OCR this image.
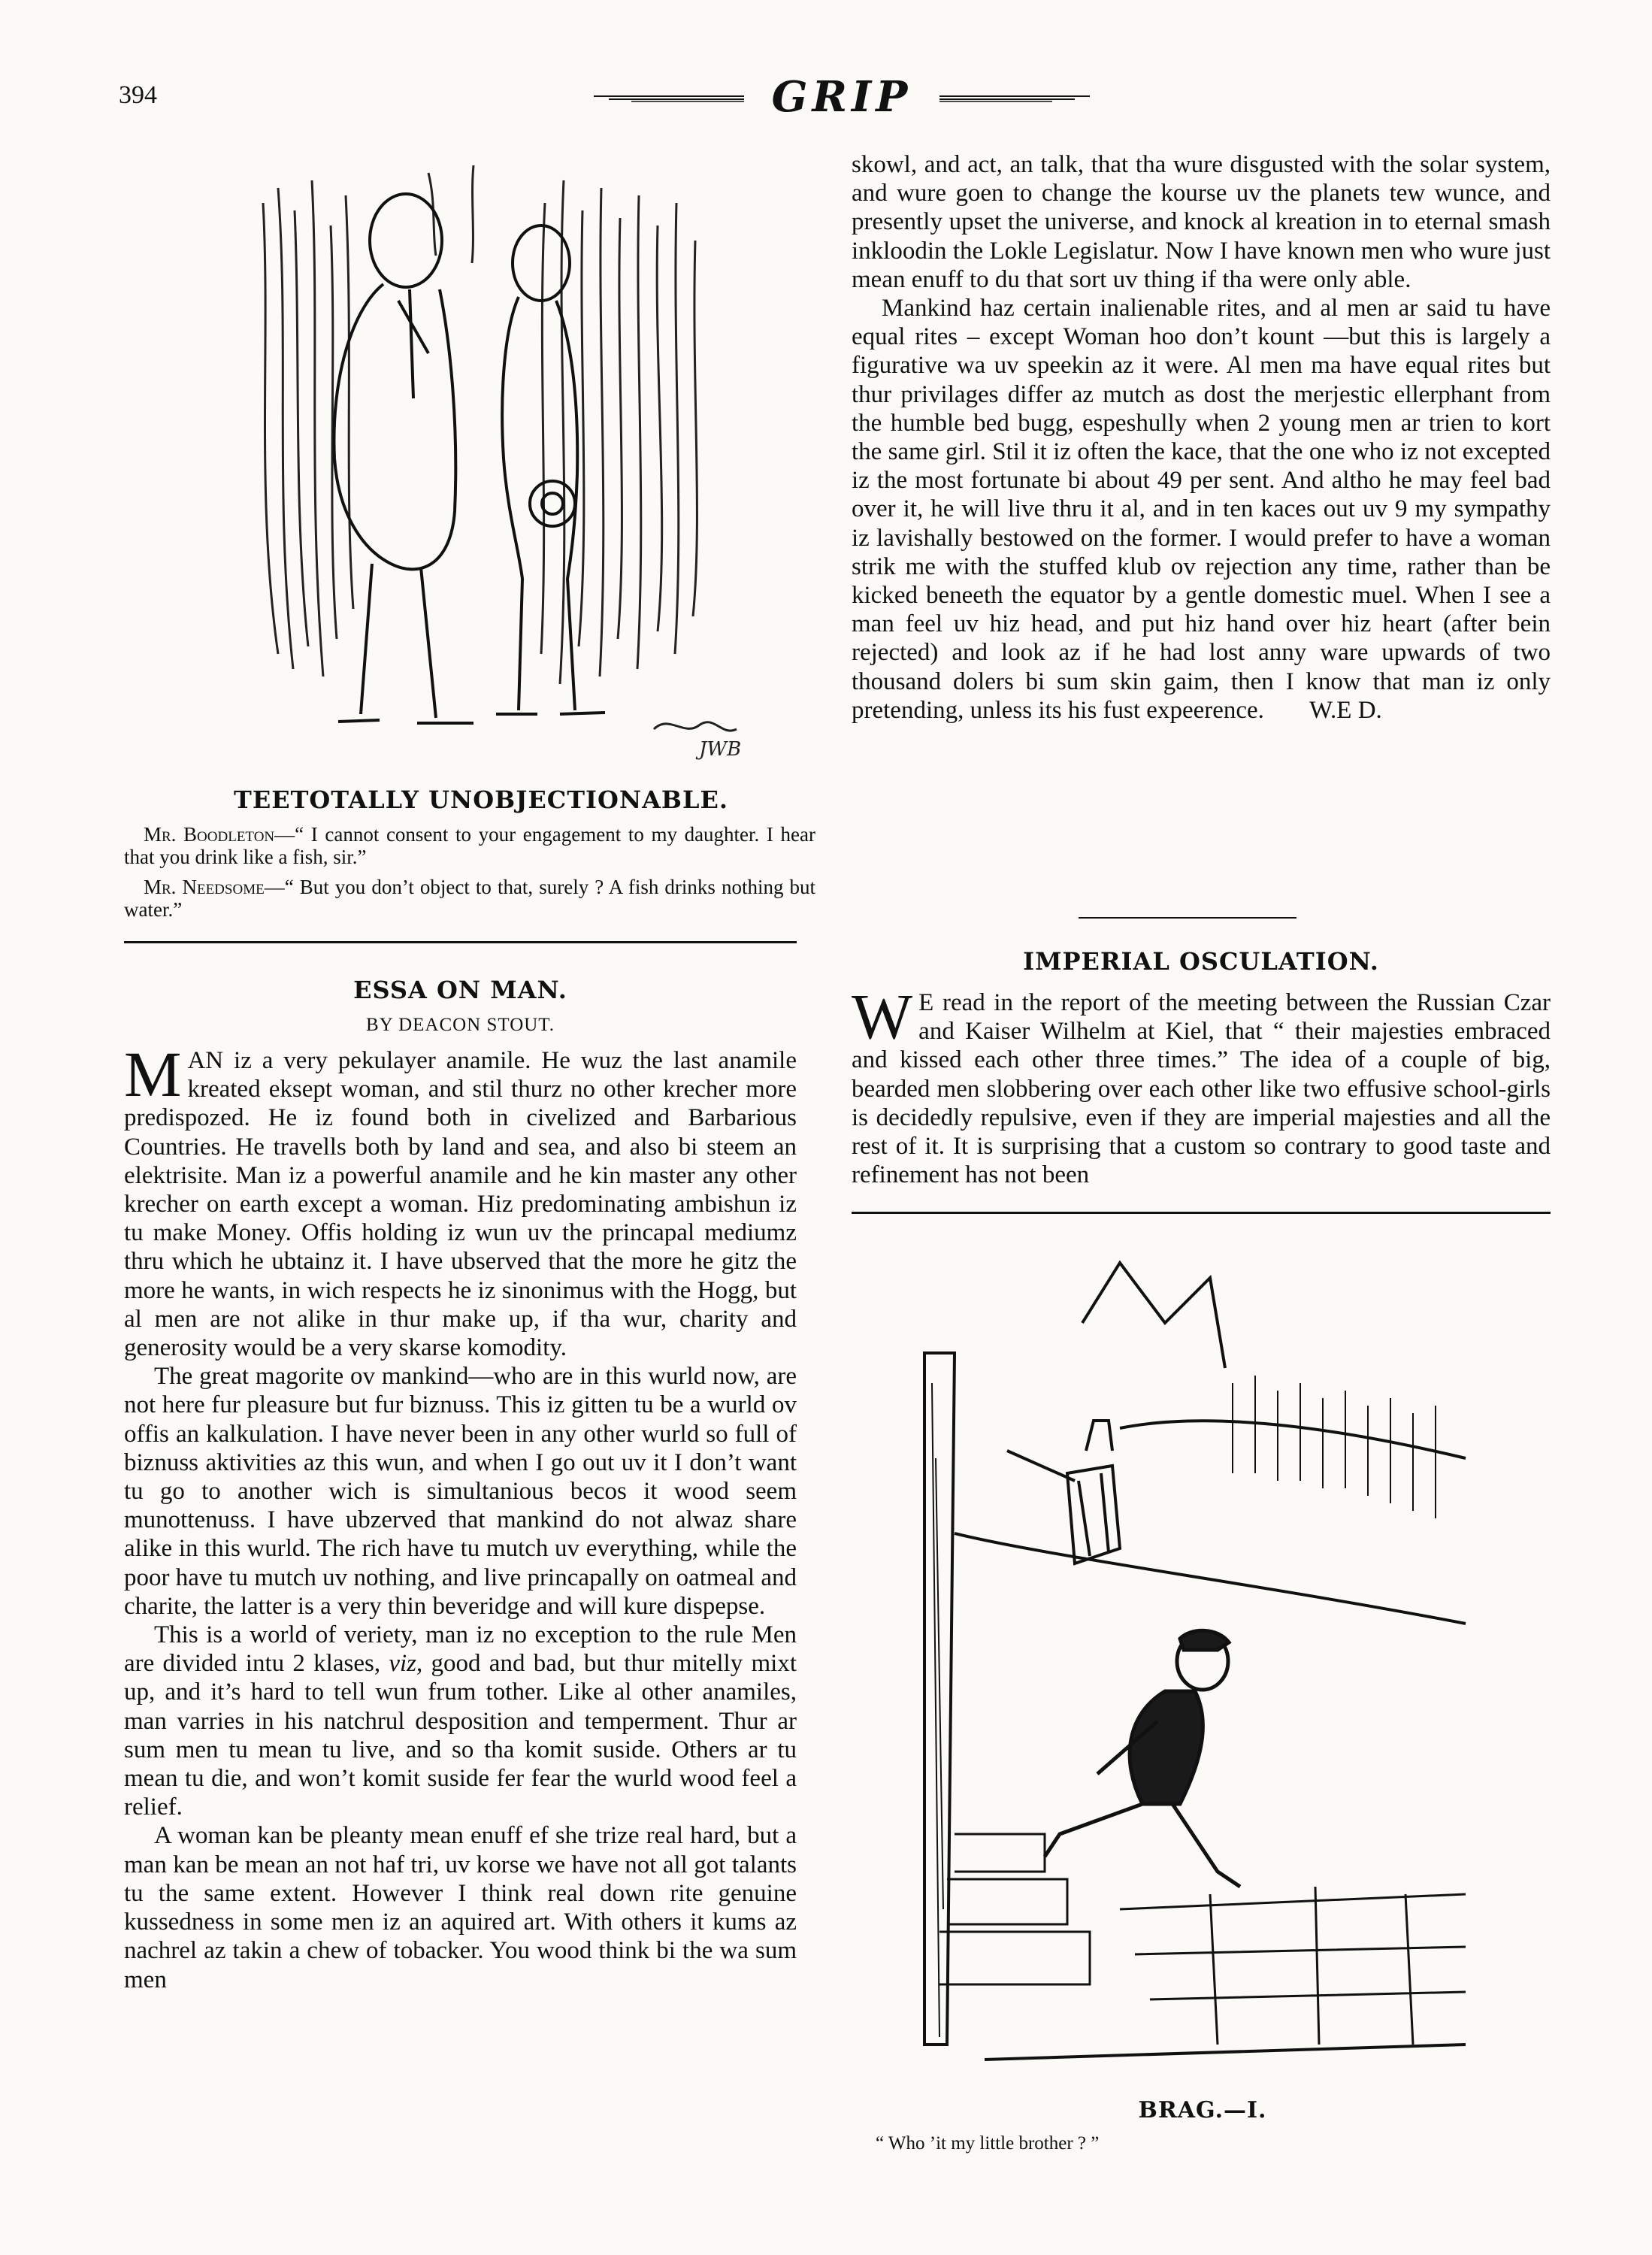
394	GRIP
JWB
TEETOTALLY UNOBJECTIONABLE.

Mr. Boodleton—“ I cannot consent to your engagement to my daughter. I hear that you drink like a fish, sir.”

Mr. Needsome—“ But you don’t object to that, surely ? A fish drinks nothing but water.”

ESSA ON MAN.
BY DEACON STOUT.

MAN iz a very pekulayer anamile. He wuz the last anamile kreated eksept woman, and stil thurz no other krecher more predispozed. He iz found both in civelized and Barbarious Countries. He travells both by land and sea, and also bi steem an elektrisite. Man iz a powerful anamile and he kin master any other krecher on earth except a woman. Hiz predominating ambishun iz tu make Money. Offis holding iz wun uv the princapal mediumz thru which he ubtainz it. I have ubserved that the more he gitz the more he wants, in wich respects he iz sinonimus with the Hogg, but al men are not alike in thur make up, if tha wur, charity and generosity would be a very skarse komodity.

The great magorite ov mankind—who are in this wurld now, are not here fur pleasure but fur biznuss. This iz gitten tu be a wurld ov offis an kalkulation. I have never been in any other wurld so full of biznuss aktivities az this wun, and when I go out uv it I don’t want tu go to another wich is simultanious becos it wood seem munottenuss. I have ubzerved that mankind do not alwaz share alike in this wurld. The rich have tu mutch uv everything, while the poor have tu mutch uv nothing, and live princapally on oatmeal and charite, the latter is a very thin beveridge and will kure dispepse.

This is a world of veriety, man iz no exception to the rule Men are divided intu 2 klases, viz, good and bad, but thur mitelly mixt up, and it’s hard to tell wun frum tother. Like al other anamiles, man varries in his natchrul desposition and temperment. Thur ar sum men tu mean tu live, and so tha komit suside. Others ar tu mean tu die, and won’t komit suside fer fear the wurld wood feel a relief.

A woman kan be pleanty mean enuff ef she trize real hard, but a man kan be mean an not haf tri, uv korse we have not all got talants tu the same extent. However I think real down rite genuine kussedness in some men iz an aquired art. With others it kums az nachrel az takin a chew of tobacker. You wood think bi the wa sum men

skowl, and act, an talk, that tha wure disgusted with the solar system, and wure goen to change the kourse uv the planets tew wunce, and presently upset the universe, and knock al kreation in to eternal smash inkloodin the Lokle Legislatur. Now I have known men who wure just mean enuff to du that sort uv thing if tha were only able.

Mankind haz certain inalienable rites, and al men ar said tu have equal rites – except Woman hoo don’t kount —but this is largely a figurative wa uv speekin az it were. Al men ma have equal rites but thur privilages differ az mutch as dost the merjestic ellerphant from the humble bed bugg, espeshully when 2 young men ar trien to kort the same girl. Stil it iz often the kace, that the one who iz not excepted iz the most fortunate bi about 49 per sent. And altho he may feel bad over it, he will live thru it al, and in ten kaces out uv 9 my sympathy iz lavishally bestowed on the former. I would prefer to have a woman strik me with the stuffed klub ov rejection any time, rather than be kicked beneeth the equator by a gentle domestic muel. When I see a man feel uv hiz head, and put hiz hand over hiz heart (after bein rejected) and look az if he had lost anny ware upwards of two thousand dolers bi sum skin gaim, then I know that man iz only pretending, unless its his fust expeerence. W.E D.

IMPERIAL OSCULATION.

W E read in the report of the meeting between the Russian Czar and Kaiser Wilhelm at Kiel, that “ their majesties embraced and kissed each other three times.” The idea of a couple of big, bearded men slobbering over each other like two effusive school-girls is decidedly repulsive, even if they are imperial majesties and all the rest of it. It is surprising that a custom so contrary to good taste and refinement has not been

BRAG.—I.
“ Who ’it my little brother ? ”
